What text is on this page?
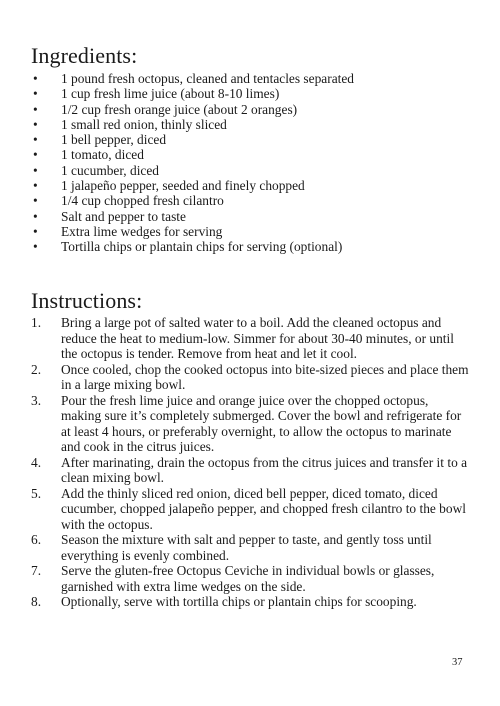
Ingredients:
• 1 pound fresh octopus, cleaned and tentacles separated
• 1 cup fresh lime juice (about 8-10 limes)
• 1/2 cup fresh orange juice (about 2 oranges)
• 1 small red onion, thinly sliced
• 1 bell pepper, diced
• 1 tomato, diced
• 1 cucumber, diced
• 1 jalapeño pepper, seeded and finely chopped
• 1/4 cup chopped fresh cilantro
• Salt and pepper to taste
• Extra lime wedges for serving
• Tortilla chips or plantain chips for serving (optional)
Instructions:
1. Bring a large pot of salted water to a boil. Add the cleaned octopus and reduce the heat to medium-low. Simmer for about 30-40 minutes, or until the octopus is tender. Remove from heat and let it cool.
2. Once cooled, chop the cooked octopus into bite-sized pieces and place them in a large mixing bowl.
3. Pour the fresh lime juice and orange juice over the chopped octopus, making sure it’s completely submerged. Cover the bowl and refrigerate for at least 4 hours, or preferably overnight, to allow the octopus to marinate and cook in the citrus juices.
4. After marinating, drain the octopus from the citrus juices and transfer it to a clean mixing bowl.
5. Add the thinly sliced red onion, diced bell pepper, diced tomato, diced cucumber, chopped jalapeño pepper, and chopped fresh cilantro to the bowl with the octopus.
6. Season the mixture with salt and pepper to taste, and gently toss until everything is evenly combined.
7. Serve the gluten-free Octopus Ceviche in individual bowls or glasses, garnished with extra lime wedges on the side.
8. Optionally, serve with tortilla chips or plantain chips for scooping.
37
